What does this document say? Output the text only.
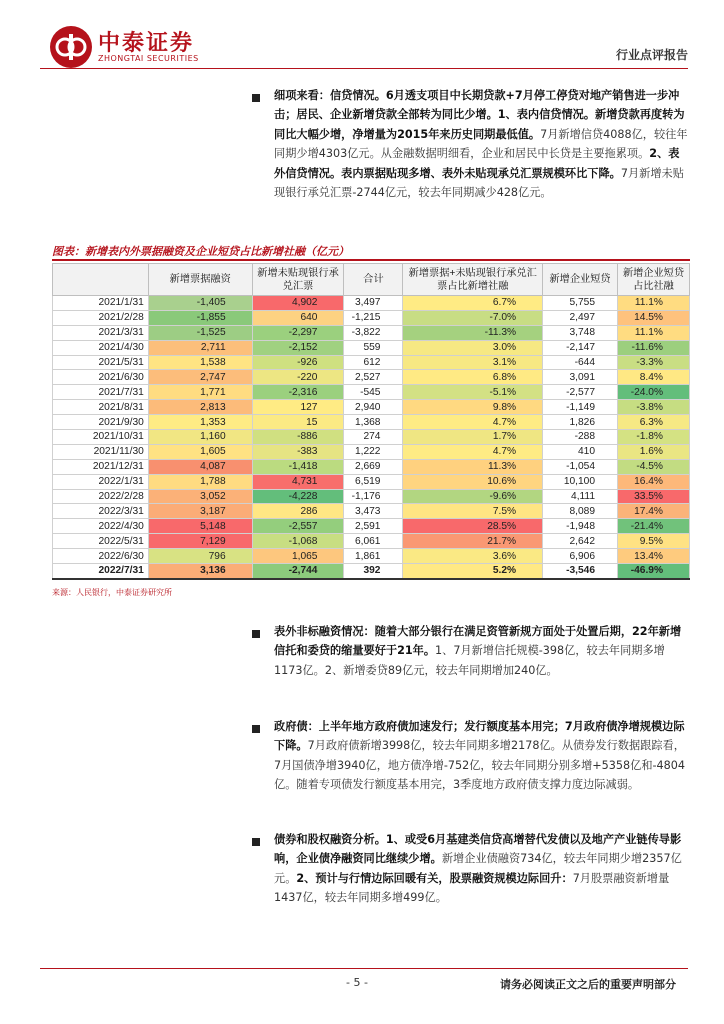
中泰证券
ZHONGTAI SECURITIES	行业点评报告
细项来看：信贷情况。6月透支项目中长期贷款+7月停工停贷对地产销售进一步冲击；居民、企业新增贷款全部转为同比少增。1、表内信贷情况。新增贷款再度转为同比大幅少增，净增量为2015年来历史同期最低值。7月新增信贷4088亿，较往年同期少增4303亿元。从金融数据明细看，企业和居民中长贷是主要拖累项。2、表外信贷情况。表内票据贴现多增、表外未贴现承兑汇票规模环比下降。7月新增未贴现银行承兑汇票-2744亿元，较去年同期减少428亿元。
图表：新增表内外票据融资及企业短贷占比新增社融（亿元）
	新增票据融资	新增未贴现银行承兑汇票	合计	新增票据+未贴现银行承兑汇票占比新增社融	新增企业短贷	新增企业短贷占比社融
2021/1/31	-1,405	4,902	3,497	6.7%	5,755	11.1%
2021/2/28	-1,855	640	-1,215	-7.0%	2,497	14.5%
2021/3/31	-1,525	-2,297	-3,822	-11.3%	3,748	11.1%
2021/4/30	2,711	-2,152	559	3.0%	-2,147	-11.6%
2021/5/31	1,538	-926	612	3.1%	-644	-3.3%
2021/6/30	2,747	-220	2,527	6.8%	3,091	8.4%
2021/7/31	1,771	-2,316	-545	-5.1%	-2,577	-24.0%
2021/8/31	2,813	127	2,940	9.8%	-1,149	-3.8%
2021/9/30	1,353	15	1,368	4.7%	1,826	6.3%
2021/10/31	1,160	-886	274	1.7%	-288	-1.8%
2021/11/30	1,605	-383	1,222	4.7%	410	1.6%
2021/12/31	4,087	-1,418	2,669	11.3%	-1,054	-4.5%
2022/1/31	1,788	4,731	6,519	10.6%	10,100	16.4%
2022/2/28	3,052	-4,228	-1,176	-9.6%	4,111	33.5%
2022/3/31	3,187	286	3,473	7.5%	8,089	17.4%
2022/4/30	5,148	-2,557	2,591	28.5%	-1,948	-21.4%
2022/5/31	7,129	-1,068	6,061	21.7%	2,642	9.5%
2022/6/30	796	1,065	1,861	3.6%	6,906	13.4%
2022/7/31	3,136	-2,744	392	5.2%	-3,546	-46.9%
来源：人民银行，中泰证券研究所
表外非标融资情况：随着大部分银行在满足资管新规方面处于处置后期，22年新增信托和委贷的缩量要好于21年。1、7月新增信托规模-398亿，较去年同期多增1173亿。2、新增委贷89亿元，较去年同期增加240亿。
政府债：上半年地方政府债加速发行；发行额度基本用完；7月政府债净增规模边际下降。7月政府债新增3998亿，较去年同期多增2178亿。从债券发行数据跟踪看，7月国债净增3940亿，地方债净增-752亿，较去年同期分别多增+5358亿和-4804亿。随着专项债发行额度基本用完，3季度地方政府债支撑力度边际减弱。
债券和股权融资分析。1、或受6月基建类信贷高增替代发债以及地产产业链传导影响，企业债净融资同比继续少增。新增企业债融资734亿，较去年同期少增2357亿元。2、预计与行情边际回暖有关，股票融资规模边际回升：7月股票融资新增量1437亿，较去年同期多增499亿。
- 5 -	请务必阅读正文之后的重要声明部分
